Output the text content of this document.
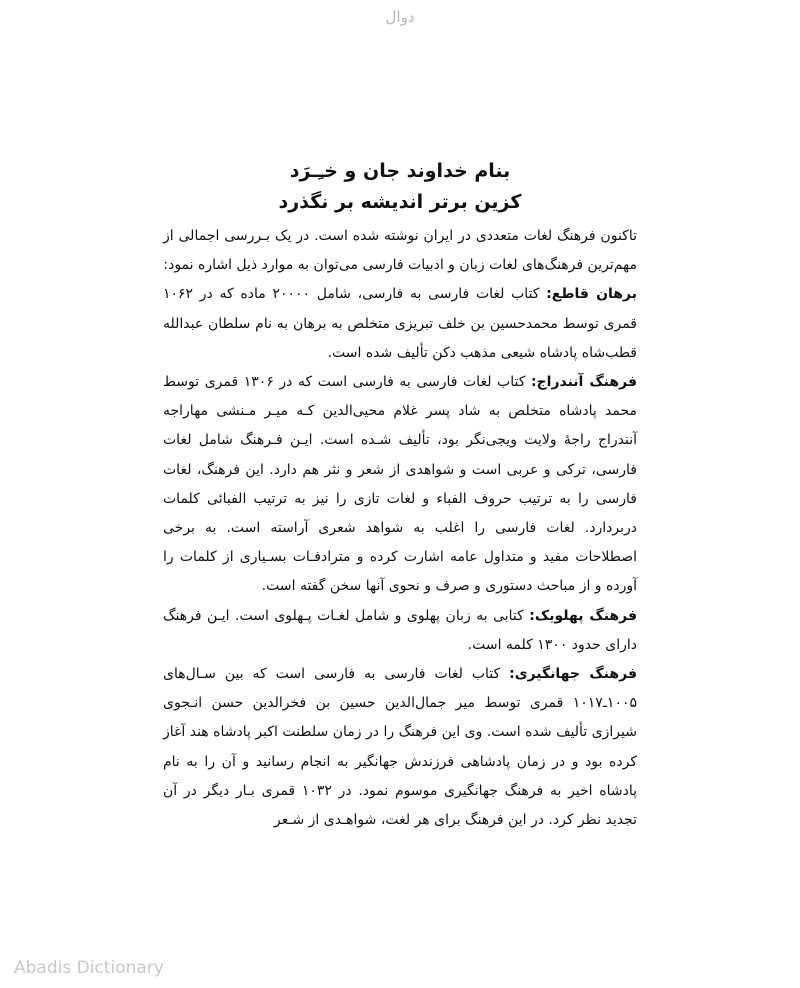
دوال

بنام خداوند جان و خـِـرَد

کزین برتر اندیشه بر نگذرد

تاکنون فرهنگ لغات متعددی در ایران نوشته شده است. در یک بـررسی اجمالی از مهم‌ترین فرهنگ‌های لغات زبان و ادبیات فارسی می‌توان به موارد ذیل اشاره نمود:

برهان قاطع: کتاب لغات فارسی به فارسی، شامل ۲۰۰۰۰ ماده که در ۱۰۶۲ قمری توسط محمدحسین بن خلف تبریزی متخلص به برهان به نام سلطان عبدالله قطب‌شاه پادشاه شیعی مذهب دکن تألیف شده است.

فرهنگ آنندراج: کتاب لغات فارسی به فارسی است که در ۱۳۰۶ قمری توسط محمد پادشاه متخلص به شاد پسر غلام محیی‌الدین کـه میـر مـنشی مهاراجه آنندراج راجهٔ ولایت ویجی‌نگر بود، تألیف شـده است. ایـن فـرهنگ شامل لغات فارسی، ترکی و عربی است و شواهدی از شعر و نثر هم دارد. این فرهنگ، لغات فارسی را به ترتیب حروف الفباء و لغات تازی را نیز به ترتیب الفبائی کلمات دربردارد. لغات فارسی را اغلب به شواهد شعری آراسته است. به برخی اصطلاحات مفید و متداول عامه اشارت کرده و مترادفـات بسـیاری از کلمات را آورده و از مباحث دستوری و صرف و نحوی آنها سخن گفته است.

فرهنگ پهلویک: کتابی به زبان پهلوی و شامل لغـات پـهلوی است. ایـن فرهنگ دارای حدود ۱۳۰۰ کلمه است.

فرهنگ جهانگیری: کتاب لغات فارسی به فارسی است که بین سـال‌های ۱۰۰۵ـ۱۰۱۷ قمری توسط میر جمال‌الدین حسین بن فخرالدین حسن انـجوی شیرازی تألیف شده است. وی این فرهنگ را در زمان سلطنت اکبر پادشاه هند آغاز کرده بود و در زمان پادشاهی فرزندش جهانگیر به انجام رسانید و آن را به نام پادشاه اخیر به فرهنگ جهانگیری موسوم نمود. در ۱۰۳۲ قمری بـار دیگر در آن تجدید نظر کرد. در این فرهنگ برای هر لغت، شواهـدی از شـعر

Abadis Dictionary
